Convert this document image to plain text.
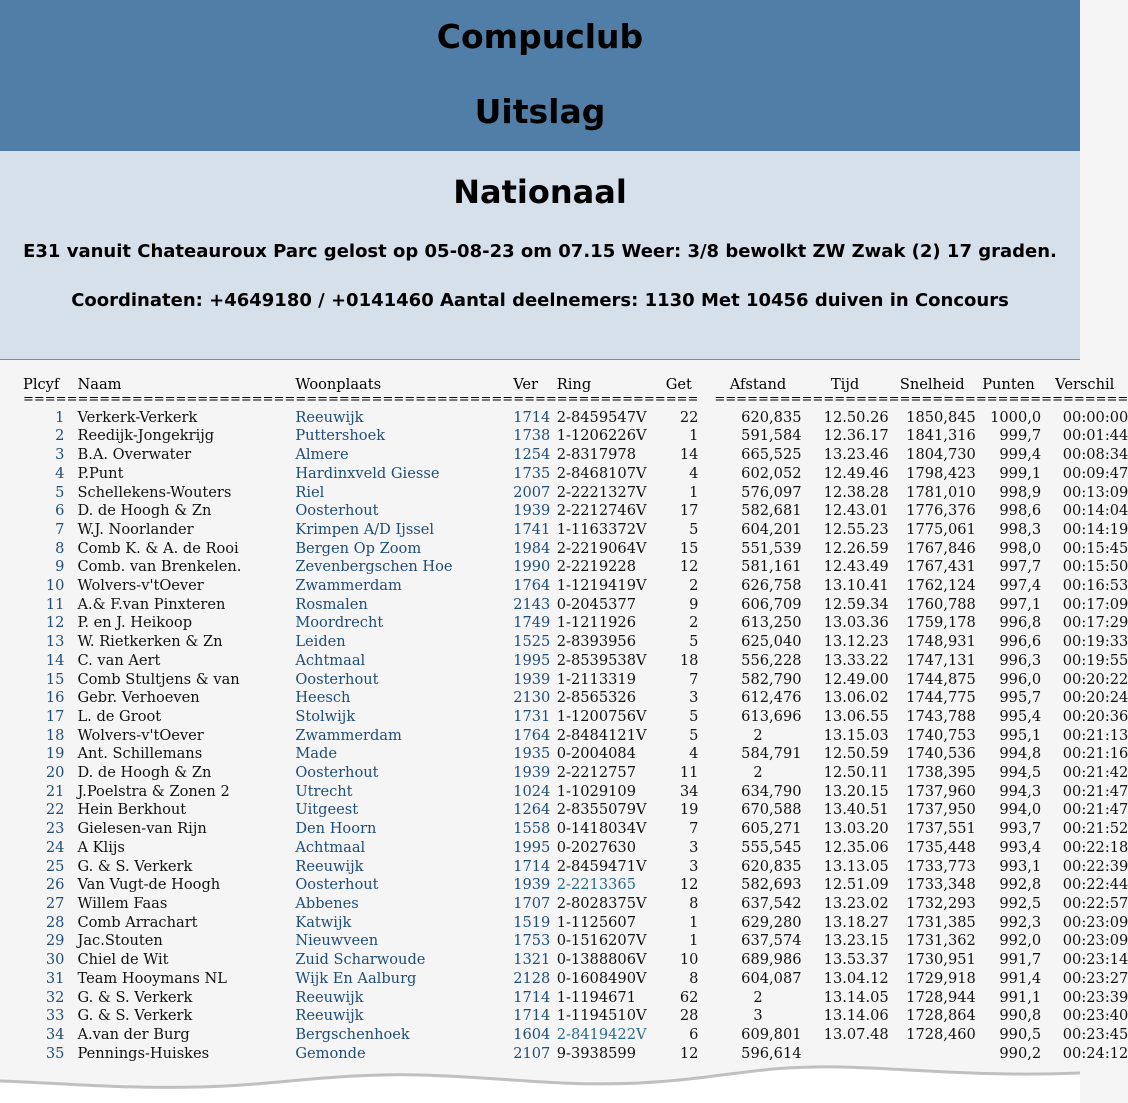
Compuclub
Uitslag
Nationaal

E31 vanuit Chateauroux Parc gelost op 05-08-23 om 07.15 Weer: 3/8 bewolkt ZW Zwak (2) 17 graden.

Coordinaten: +4649180 / +0141460 Aantal deelnemers: 1130 Met 10456 duiven in Concours

Plcyf	Naam	Woonplaats	Ver	Ring	Get	Afstand	Tijd	Snelheid	Punten	Verschil
=====	====================	====================	====	==========	===	========	========	========	======	========
1	Verkerk-Verkerk	Reeuwijk	1714	2-8459547V	22	620,835	12.50.26	1850,845	1000,0	00:00:00
2	Reedijk-Jongekrijg	Puttershoek	1738	1-1206226V	1	591,584	12.36.17	1841,316	999,7	00:01:44
3	B.A. Overwater	Almere	1254	2-8317978	14	665,525	13.23.46	1804,730	999,4	00:08:34
4	P.Punt	Hardinxveld Giesse	1735	2-8468107V	4	602,052	12.49.46	1798,423	999,1	00:09:47
5	Schellekens-Wouters	Riel	2007	2-2221327V	1	576,097	12.38.28	1781,010	998,9	00:13:09
6	D. de Hoogh & Zn	Oosterhout	1939	2-2212746V	17	582,681	12.43.01	1776,376	998,6	00:14:04
7	W.J. Noorlander	Krimpen A/D Ijssel	1741	1-1163372V	5	604,201	12.55.23	1775,061	998,3	00:14:19
8	Comb K. & A. de Rooi	Bergen Op Zoom	1984	2-2219064V	15	551,539	12.26.59	1767,846	998,0	00:15:45
9	Comb. van Brenkelen.	Zevenbergschen Hoe	1990	2-2219228	12	581,161	12.43.49	1767,431	997,7	00:15:50
10	Wolvers-v'tOever	Zwammerdam	1764	1-1219419V	2	626,758	13.10.41	1762,124	997,4	00:16:53
11	A.& F.van Pinxteren	Rosmalen	2143	0-2045377	9	606,709	12.59.34	1760,788	997,1	00:17:09
12	P. en J. Heikoop	Moordrecht	1749	1-1211926	2	613,250	13.03.36	1759,178	996,8	00:17:29
13	W. Rietkerken & Zn	Leiden	1525	2-8393956	5	625,040	13.12.23	1748,931	996,6	00:19:33
14	C. van Aert	Achtmaal	1995	2-8539538V	18	556,228	13.33.22	1747,131	996,3	00:19:55
15	Comb Stultjens & van	Oosterhout	1939	1-2113319	7	582,790	12.49.00	1744,875	996,0	00:20:22
16	Gebr. Verhoeven	Heesch	2130	2-8565326	3	612,476	13.06.02	1744,775	995,7	00:20:24
17	L. de Groot	Stolwijk	1731	1-1200756V	5	613,696	13.06.55	1743,788	995,4	00:20:36
18	Wolvers-v'tOever	Zwammerdam	1764	2-8484121V	5	2	13.15.03	1740,753	995,1	00:21:13
19	Ant. Schillemans	Made	1935	0-2004084	4	584,791	12.50.59	1740,536	994,8	00:21:16
20	D. de Hoogh & Zn	Oosterhout	1939	2-2212757	11	2	12.50.11	1738,395	994,5	00:21:42
21	J.Poelstra & Zonen 2	Utrecht	1024	1-1029109	34	634,790	13.20.15	1737,960	994,3	00:21:47
22	Hein Berkhout	Uitgeest	1264	2-8355079V	19	670,588	13.40.51	1737,950	994,0	00:21:47
23	Gielesen-van Rijn	Den Hoorn	1558	0-1418034V	7	605,271	13.03.20	1737,551	993,7	00:21:52
24	A Klijs	Achtmaal	1995	0-2027630	3	555,545	12.35.06	1735,448	993,4	00:22:18
25	G. & S. Verkerk	Reeuwijk	1714	2-8459471V	3	620,835	13.13.05	1733,773	993,1	00:22:39
26	Van Vugt-de Hoogh	Oosterhout	1939	2-2213365	12	582,693	12.51.09	1733,348	992,8	00:22:44
27	Willem Faas	Abbenes	1707	2-8028375V	8	637,542	13.23.02	1732,293	992,5	00:22:57
28	Comb Arrachart	Katwijk	1519	1-1125607	1	629,280	13.18.27	1731,385	992,3	00:23:09
29	Jac.Stouten	Nieuwveen	1753	0-1516207V	1	637,574	13.23.15	1731,362	992,0	00:23:09
30	Chiel de Wit	Zuid Scharwoude	1321	0-1388806V	10	689,986	13.53.37	1730,951	991,7	00:23:14
31	Team Hooymans NL	Wijk En Aalburg	2128	0-1608490V	8	604,087	13.04.12	1729,918	991,4	00:23:27
32	G. & S. Verkerk	Reeuwijk	1714	1-1194671	62	2	13.14.05	1728,944	991,1	00:23:39
33	G. & S. Verkerk	Reeuwijk	1714	1-1194510V	28	3	13.14.06	1728,864	990,8	00:23:40
34	A.van der Burg	Bergschenhoek	1604	2-8419422V	6	609,801	13.07.48	1728,460	990,5	00:23:45
35	Pennings-Huiskes	Gemonde	2107	9-3938599	12	596,614			990,2	00:24:12
